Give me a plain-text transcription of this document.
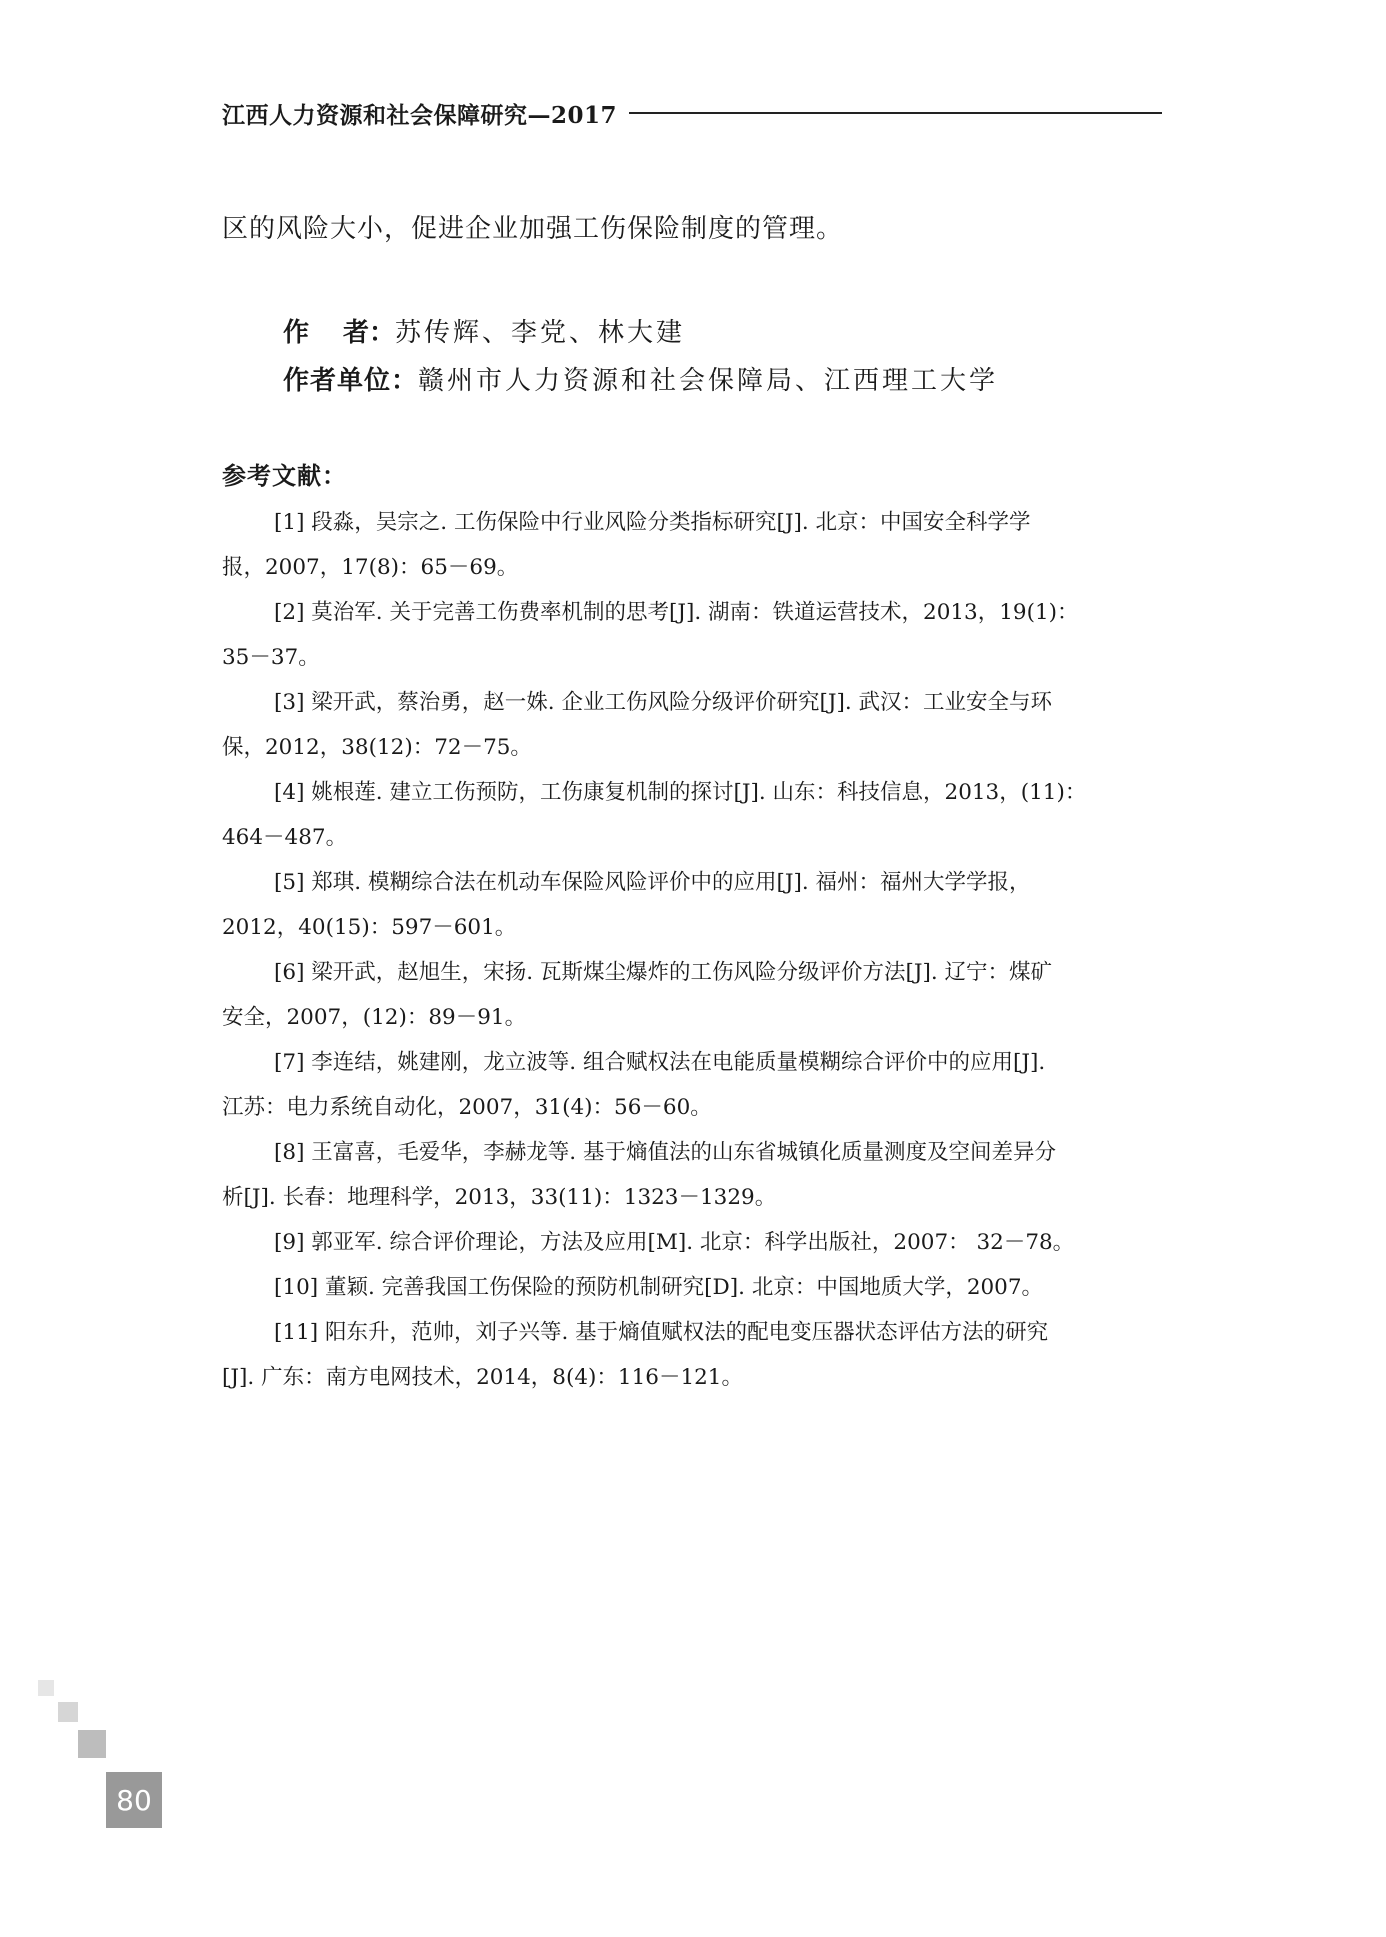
江西人力资源和社会保障研究—2017
区的风险大小，促进企业加强工伤保险制度的管理。
作者：苏传辉、李党、林大建
作者单位：赣州市人力资源和社会保障局、江西理工大学
参考文献：
[1] 段淼，吴宗之. 工伤保险中行业风险分类指标研究[J]. 北京：中国安全科学学
报，2007，17(8)：65－69。
[2] 莫治军. 关于完善工伤费率机制的思考[J]. 湖南：铁道运营技术，2013，19(1)：
35－37。
[3] 梁开武，蔡治勇，赵一姝. 企业工伤风险分级评价研究[J]. 武汉：工业安全与环
保，2012，38(12)：72－75。
[4] 姚根莲. 建立工伤预防，工伤康复机制的探讨[J]. 山东：科技信息，2013，(11)：
464－487。
[5] 郑琪. 模糊综合法在机动车保险风险评价中的应用[J]. 福州：福州大学学报，
2012，40(15)：597－601。
[6] 梁开武，赵旭生，宋扬. 瓦斯煤尘爆炸的工伤风险分级评价方法[J]. 辽宁：煤矿
安全，2007，(12)：89－91。
[7] 李连结，姚建刚，龙立波等. 组合赋权法在电能质量模糊综合评价中的应用[J].
江苏：电力系统自动化，2007，31(4)：56－60。
[8] 王富喜，毛爱华，李赫龙等. 基于熵值法的山东省城镇化质量测度及空间差异分
析[J]. 长春：地理科学，2013，33(11)：1323－1329。
[9] 郭亚军. 综合评价理论，方法及应用[M]. 北京：科学出版社，2007： 32－78。
[10] 董颖. 完善我国工伤保险的预防机制研究[D]. 北京：中国地质大学，2007。
[11] 阳东升，范帅，刘子兴等. 基于熵值赋权法的配电变压器状态评估方法的研究
[J]. 广东：南方电网技术，2014，8(4)：116－121。
80
